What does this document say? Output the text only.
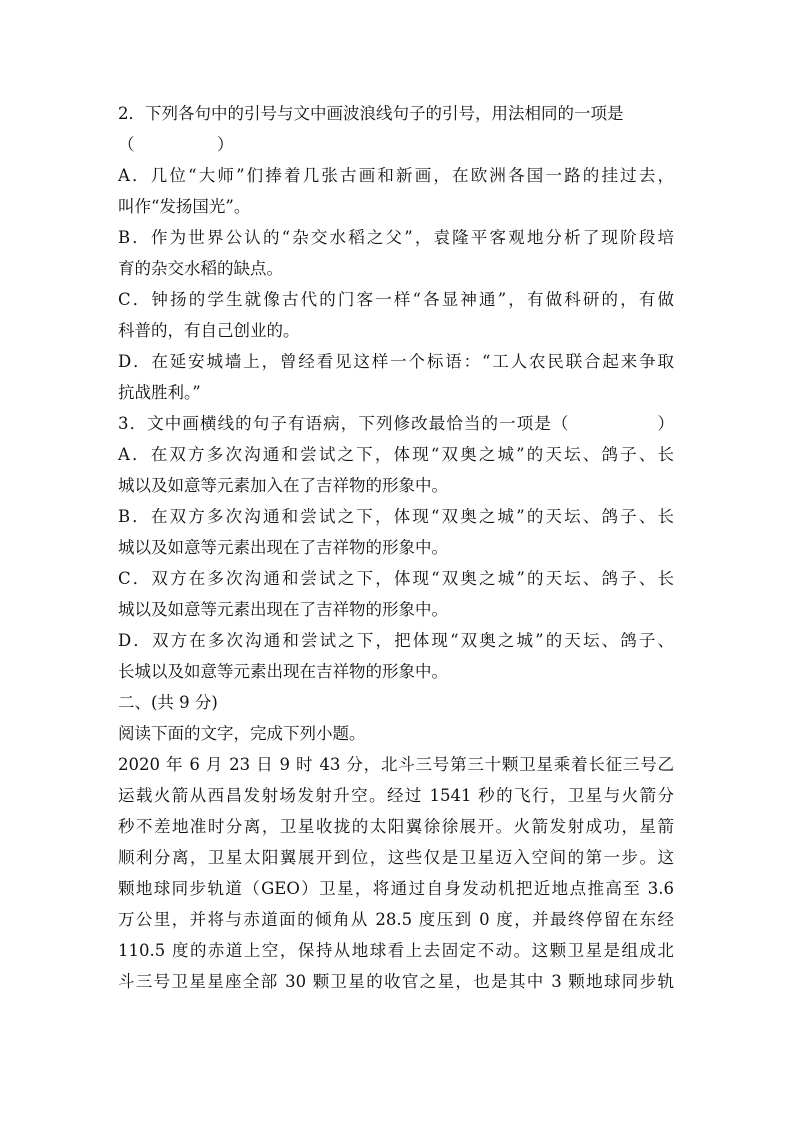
2．下列各句中的引号与文中画波浪线句子的引号，用法相同的一项是
（　　　　　）
A．几位“大师”们捧着几张古画和新画，在欧洲各国一路的挂过去，
叫作“发扬国光”。
B．作为世界公认的“杂交水稻之父”，袁隆平客观地分析了现阶段培
育的杂交水稻的缺点。
C．钟扬的学生就像古代的门客一样“各显神通”，有做科研的，有做
科普的，有自己创业的。
D．在延安城墙上，曾经看见这样一个标语：“工人农民联合起来争取
抗战胜利。”
3．文中画横线的句子有语病，下列修改最恰当的一项是（　　　　　）
A．在双方多次沟通和尝试之下，体现“双奥之城”的天坛、鸽子、长
城以及如意等元素加入在了吉祥物的形象中。
B．在双方多次沟通和尝试之下，体现“双奥之城”的天坛、鸽子、长
城以及如意等元素出现在了吉祥物的形象中。
C．双方在多次沟通和尝试之下，体现“双奥之城”的天坛、鸽子、长
城以及如意等元素出现在了吉祥物的形象中。
D．双方在多次沟通和尝试之下，把体现“双奥之城”的天坛、鸽子、
长城以及如意等元素出现在吉祥物的形象中。
二、(共 9 分)
阅读下面的文字，完成下列小题。
2020 年 6 月 23 日 9 时 43 分，北斗三号第三十颗卫星乘着长征三号乙
运载火箭从西昌发射场发射升空。经过 1541 秒的飞行，卫星与火箭分
秒不差地准时分离，卫星收拢的太阳翼徐徐展开。火箭发射成功，星箭
顺利分离，卫星太阳翼展开到位，这些仅是卫星迈入空间的第一步。这
颗地球同步轨道（GEO）卫星，将通过自身发动机把近地点推高至 3.6
万公里，并将与赤道面的倾角从 28.5 度压到 0 度，并最终停留在东经
110.5 度的赤道上空，保持从地球看上去固定不动。这颗卫星是组成北
斗三号卫星星座全部 30 颗卫星的收官之星，也是其中 3 颗地球同步轨
